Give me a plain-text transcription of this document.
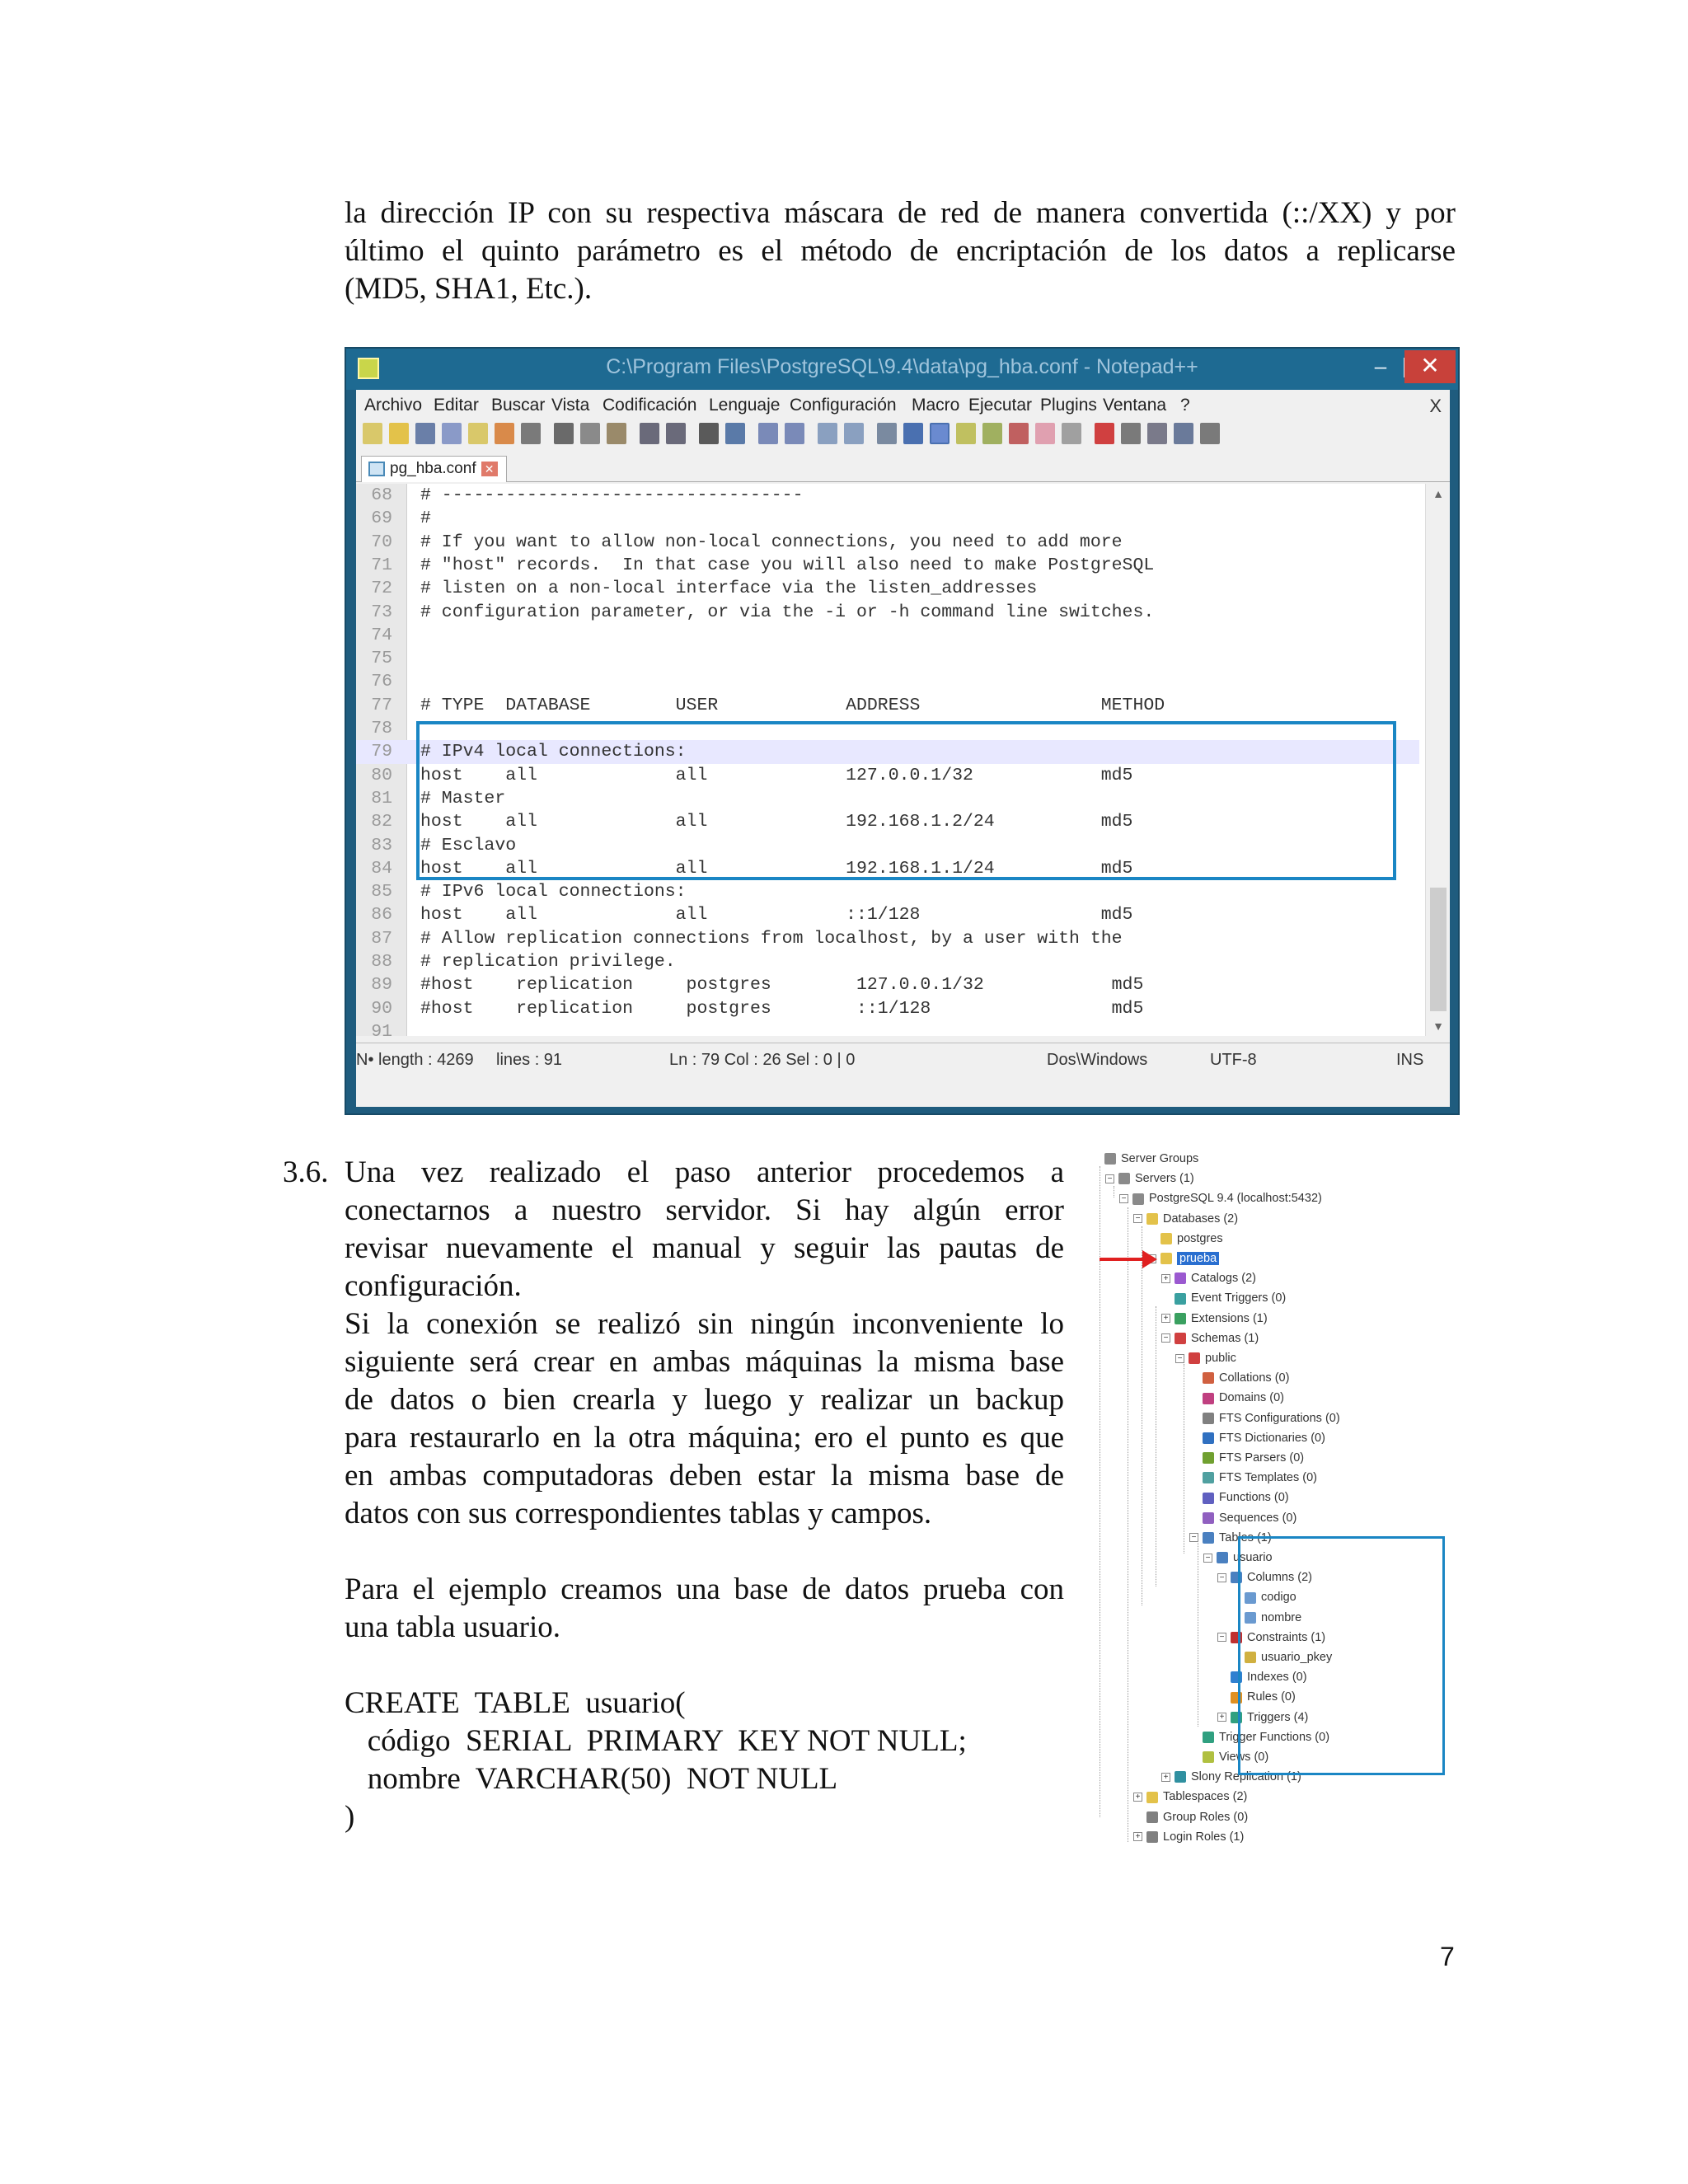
la dirección IP con su respectiva máscara de red de manera convertida (::/XX) y por
último el quinto parámetro es el método de encriptación de los datos a replicarse
(MD5, SHA1, Etc.).
C:\Program Files\PostgreSQL\9.4\data\pg_hba.conf - Notepad++	–	✕
Archivo Editar Buscar Vista Codificación Lenguaje Configuración Macro Ejecutar Plugins Ventana ?	X
pg_hba.conf ✕
68 # ----------------------------------
69 #
70 # If you want to allow non-local connections, you need to add more
71 # "host" records.  In that case you will also need to make PostgreSQL
72 # listen on a non-local interface via the listen_addresses
73 # configuration parameter, or via the -i or -h command line switches.
74
75
76
77 # TYPE  DATABASE        USER            ADDRESS                 METHOD
78
79 # IPv4 local connections:
80 host    all             all             127.0.0.1/32            md5
81 # Master
82 host    all             all             192.168.1.2/24          md5
83 # Esclavo
84 host    all             all             192.168.1.1/24          md5
85 # IPv6 local connections:
86 host    all             all             ::1/128                 md5
87 # Allow replication connections from localhost, by a user with the
88 # replication privilege.
89 #host    replication     postgres        127.0.0.1/32            md5
90 #host    replication     postgres        ::1/128                 md5
91
▲
▼
N• length : 4269 lines : 91	Ln : 79 Col : 26 Sel : 0 | 0	Dos\Windows	UTF-8	INS
3.6. Una vez realizado el paso anterior procedemos a
conectarnos a nuestro servidor. Si hay algún error
revisar nuevamente el manual y seguir las pautas de
configuración.
Si la conexión se realizó sin ningún inconveniente lo
siguiente será crear en ambas máquinas la misma base
de datos o bien crearla y luego y realizar un backup
para restaurarlo en la otra máquina; ero el punto es que
en ambas computadoras deben estar la misma base de
datos con sus correspondientes tablas y campos.
Para el ejemplo creamos una base de datos prueba con
una tabla usuario.
CREATE  TABLE  usuario(
código  SERIAL  PRIMARY  KEY NOT NULL;
nombre  VARCHAR(50)  NOT NULL
)
Server Groups
− Servers (1)
− PostgreSQL 9.4 (localhost:5432)
− Databases (2)
postgres
− prueba
+ Catalogs (2)
Event Triggers (0)
+ Extensions (1)
− Schemas (1)
− public
Collations (0)
Domains (0)
FTS Configurations (0)
FTS Dictionaries (0)
FTS Parsers (0)
FTS Templates (0)
Functions (0)
Sequences (0)
− Tables (1)
− usuario
− Columns (2)
codigo
nombre
− Constraints (1)
usuario_pkey
Indexes (0)
Rules (0)
+ Triggers (4)
Trigger Functions (0)
Views (0)
+ Slony Replication (1)
+ Tablespaces (2)
Group Roles (0)
+ Login Roles (1)
7
